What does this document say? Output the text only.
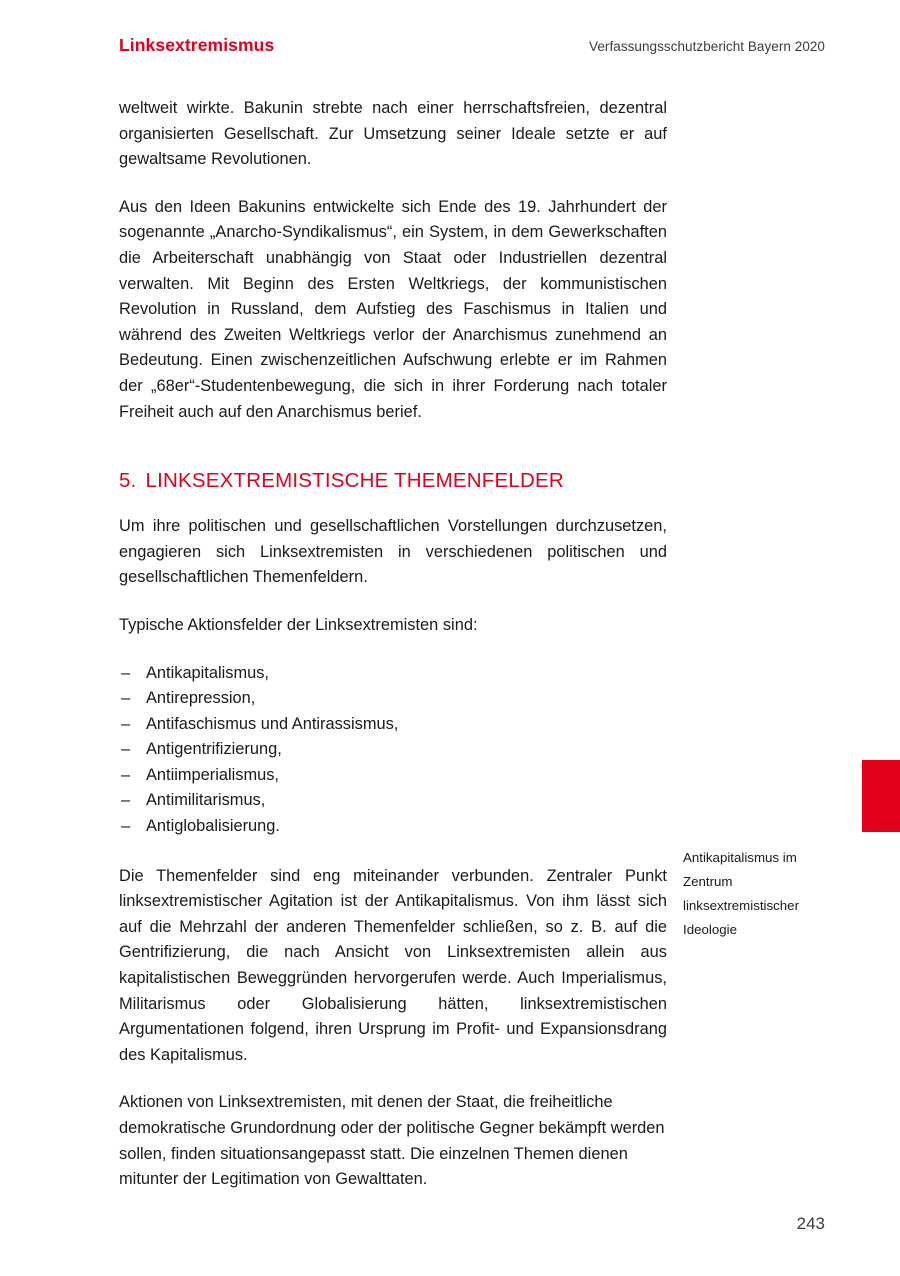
Linksextremismus	Verfassungsschutzbericht Bayern 2020

weltweit wirkte. Bakunin strebte nach einer herrschaftsfreien, dezentral organisierten Gesellschaft. Zur Umsetzung seiner Ideale setzte er auf gewaltsame Revolutionen.

Aus den Ideen Bakunins entwickelte sich Ende des 19. Jahrhundert der sogenannte „Anarcho-Syndikalismus“, ein System, in dem Gewerkschaften die Arbeiterschaft unabhängig von Staat oder Industriellen dezentral verwalten. Mit Beginn des Ersten Weltkriegs, der kommunistischen Revolution in Russland, dem Aufstieg des Faschismus in Italien und während des Zweiten Weltkriegs verlor der Anarchismus zunehmend an Bedeutung. Einen zwischenzeitlichen Aufschwung erlebte er im Rahmen der „68er“-Studentenbewegung, die sich in ihrer Forderung nach totaler Freiheit auch auf den Anarchismus berief.

5. LINKSEXTREMISTISCHE THEMENFELDER

Um ihre politischen und gesellschaftlichen Vorstellungen durchzusetzen, engagieren sich Linksextremisten in verschiedenen politischen und gesellschaftlichen Themenfeldern.

Typische Aktionsfelder der Linksextremisten sind:

– Antikapitalismus,
– Antirepression,
– Antifaschismus und Antirassismus,
– Antigentrifizierung,
– Antiimperialismus,
– Antimilitarismus,
– Antiglobalisierung.

Die Themenfelder sind eng miteinander verbunden. Zentraler Punkt linksextremistischer Agitation ist der Antikapitalismus. Von ihm lässt sich auf die Mehrzahl der anderen Themenfelder schließen, so z. B. auf die Gentrifizierung, die nach Ansicht von Linksextremisten allein aus kapitalistischen Beweggründen hervorgerufen werde. Auch Imperialismus, Militarismus oder Globalisierung hätten, linksextremistischen Argumentationen folgend, ihren Ursprung im Profit- und Expansionsdrang des Kapitalismus.

Aktionen von Linksextremisten, mit denen der Staat, die freiheitliche demokratische Grundordnung oder der politische Gegner bekämpft werden sollen, finden situationsangepasst statt. Die einzelnen Themen dienen mitunter der Legitimation von Gewalttaten.

Antikapitalismus im Zentrum linksextremistischer Ideologie
243
